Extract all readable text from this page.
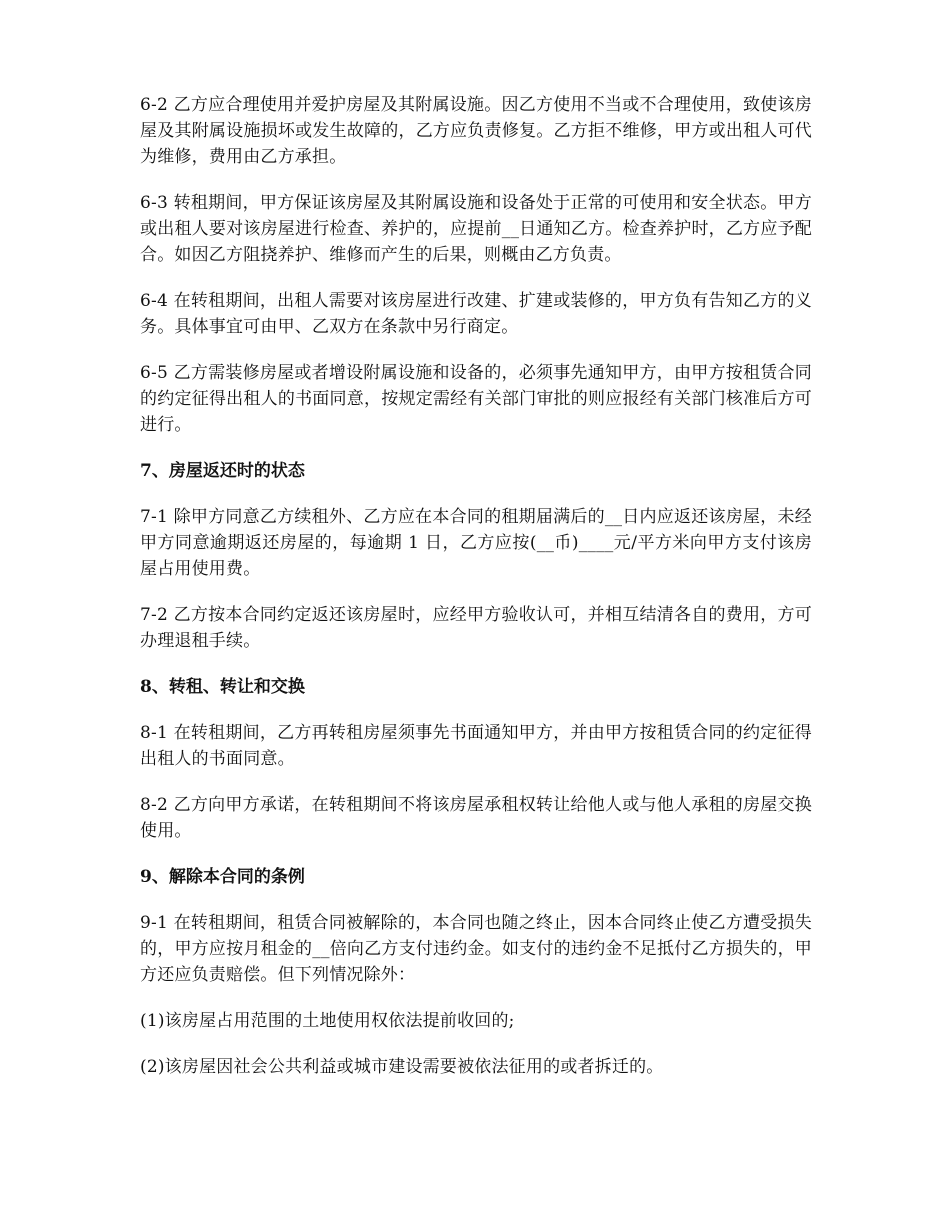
6-2 乙方应合理使用并爱护房屋及其附属设施。因乙方使用不当或不合理使用，致使该房屋及其附属设施损坏或发生故障的，乙方应负责修复。乙方拒不维修，甲方或出租人可代为维修，费用由乙方承担。

6-3 转租期间，甲方保证该房屋及其附属设施和设备处于正常的可使用和安全状态。甲方或出租人要对该房屋进行检查、养护的，应提前__日通知乙方。检查养护时，乙方应予配合。如因乙方阻挠养护、维修而产生的后果，则概由乙方负责。

6-4 在转租期间，出租人需要对该房屋进行改建、扩建或装修的，甲方负有告知乙方的义务。具体事宜可由甲、乙双方在条款中另行商定。

6-5 乙方需装修房屋或者增设附属设施和设备的，必须事先通知甲方，由甲方按租赁合同的约定征得出租人的书面同意，按规定需经有关部门审批的则应报经有关部门核准后方可进行。

7、房屋返还时的状态

7-1 除甲方同意乙方续租外、乙方应在本合同的租期届满后的__日内应返还该房屋，未经甲方同意逾期返还房屋的，每逾期 1 日，乙方应按(__币)____元/平方米向甲方支付该房屋占用使用费。

7-2 乙方按本合同约定返还该房屋时，应经甲方验收认可，并相互结清各自的费用，方可办理退租手续。

8、转租、转让和交换

8-1 在转租期间，乙方再转租房屋须事先书面通知甲方，并由甲方按租赁合同的约定征得出租人的书面同意。

8-2 乙方向甲方承诺，在转租期间不将该房屋承租权转让给他人或与他人承租的房屋交换使用。

9、解除本合同的条例

9-1 在转租期间，租赁合同被解除的，本合同也随之终止，因本合同终止使乙方遭受损失的，甲方应按月租金的__倍向乙方支付违约金。如支付的违约金不足抵付乙方损失的，甲方还应负责赔偿。但下列情况除外：

(1)该房屋占用范围的土地使用权依法提前收回的;

(2)该房屋因社会公共利益或城市建设需要被依法征用的或者拆迁的。
